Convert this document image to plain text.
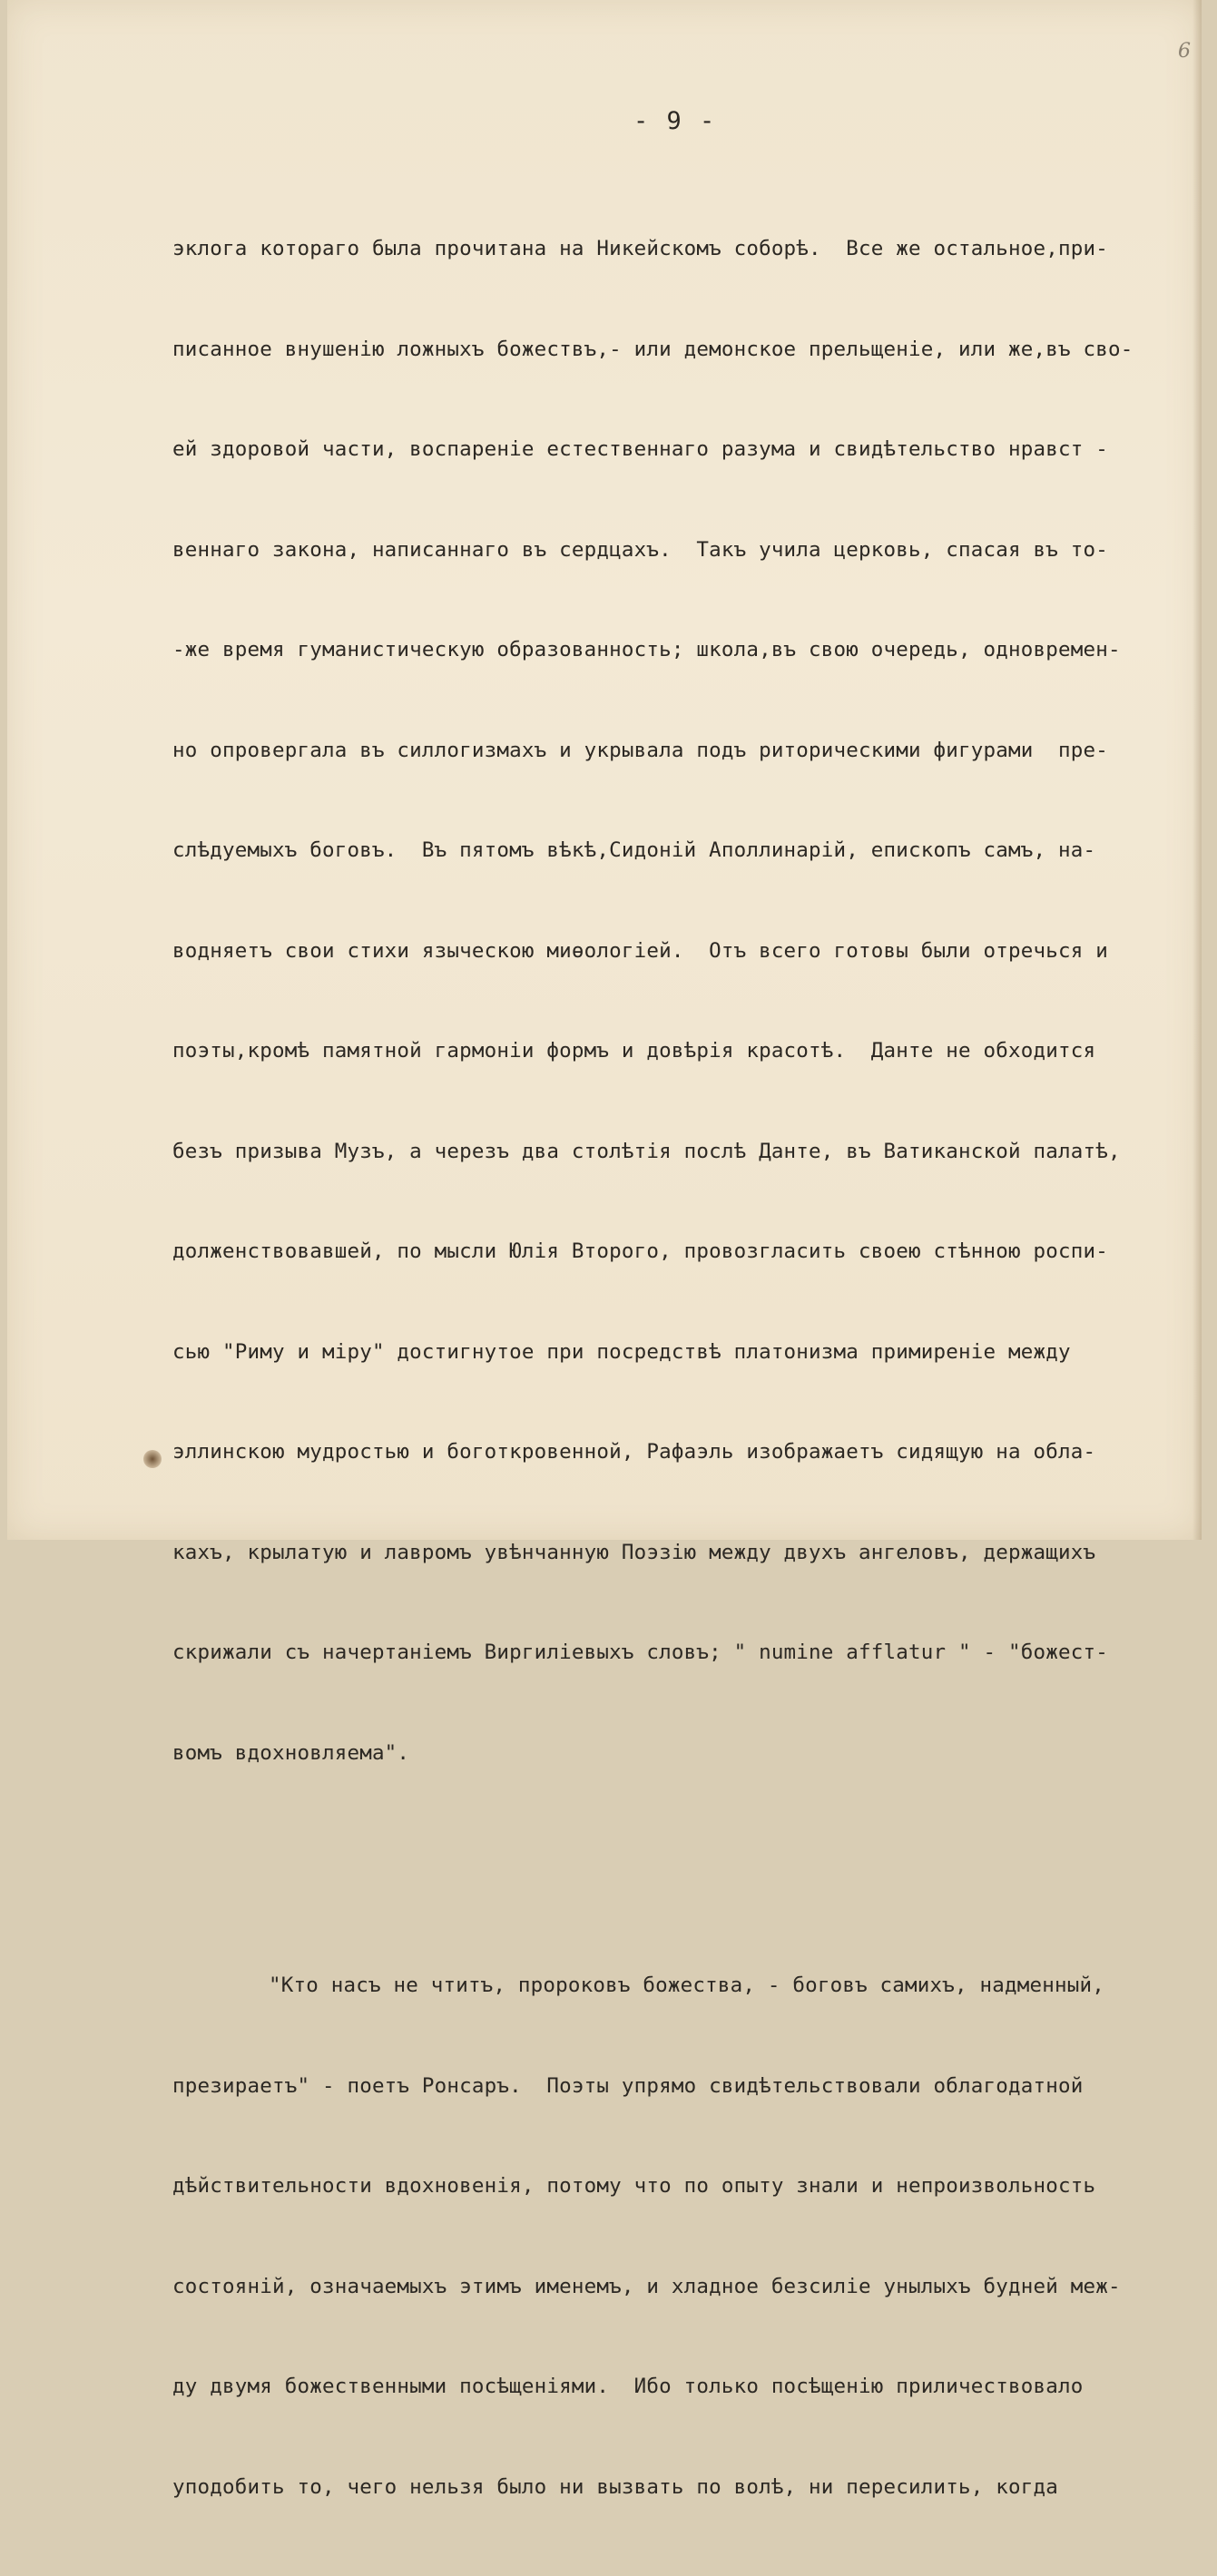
6
- 9 -

эклога котораго была прочитана на Никейскомъ соборѣ.  Все же остальное,при-

писанное внушенію ложныхъ божествъ,- или демонское прельщеніе, или же,въ сво-

ей здоровой части, воспареніе естественнаго разума и свидѣтельство нравст -

веннаго закона, написаннаго въ сердцахъ.  Такъ учила церковь, спасая въ то-

-же время гуманистическую образованность; школа,въ свою очередь, одновремен-

но опровергала въ силлогизмахъ и укрывала подъ риторическими фигурами  пре-

слѣдуемыхъ боговъ.  Въ пятомъ вѣкѣ,Сидоній Аполлинарій, епископъ самъ, на-

водняетъ свои стихи языческою миѳологіей.  Отъ всего готовы были отречься и

поэты,кромѣ памятной гармоніи формъ и довѣрія красотѣ.  Данте не обходится

безъ призыва Музъ, а черезъ два столѣтія послѣ Данте, въ Ватиканской палатѣ,

долженствовавшей, по мысли Юлія Второго, провозгласить своею стѣнною роспи-

сью "Риму и міру" достигнутое при посредствѣ платонизма примиреніе между

эллинскою мудростью и боготкровенной, Рафаэль изображаетъ сидящую на обла-

кахъ, крылатую и лавромъ увѣнчанную Поэзію между двухъ ангеловъ, держащихъ

скрижали съ начертаніемъ Виргиліевыхъ словъ; " numine afflatur " - "божест-

вомъ вдохновляема".

"Кто насъ не чтитъ, пророковъ божества, - боговъ самихъ, надменный,

презираетъ" - поетъ Ронсаръ.  Поэты упрямо свидѣтельствовали облагодатной

дѣйствительности вдохновенія, потому что по опыту знали и непроизвольность

состояній, означаемыхъ этимъ именемъ, и хладное безсиліе унылыхъ будней меж-

ду двумя божественными посѣщеніями.  Ибо только посѣщенію приличествовало

уподобить то, чего нельзя было ни вызвать по волѣ, ни пересилить, когда
